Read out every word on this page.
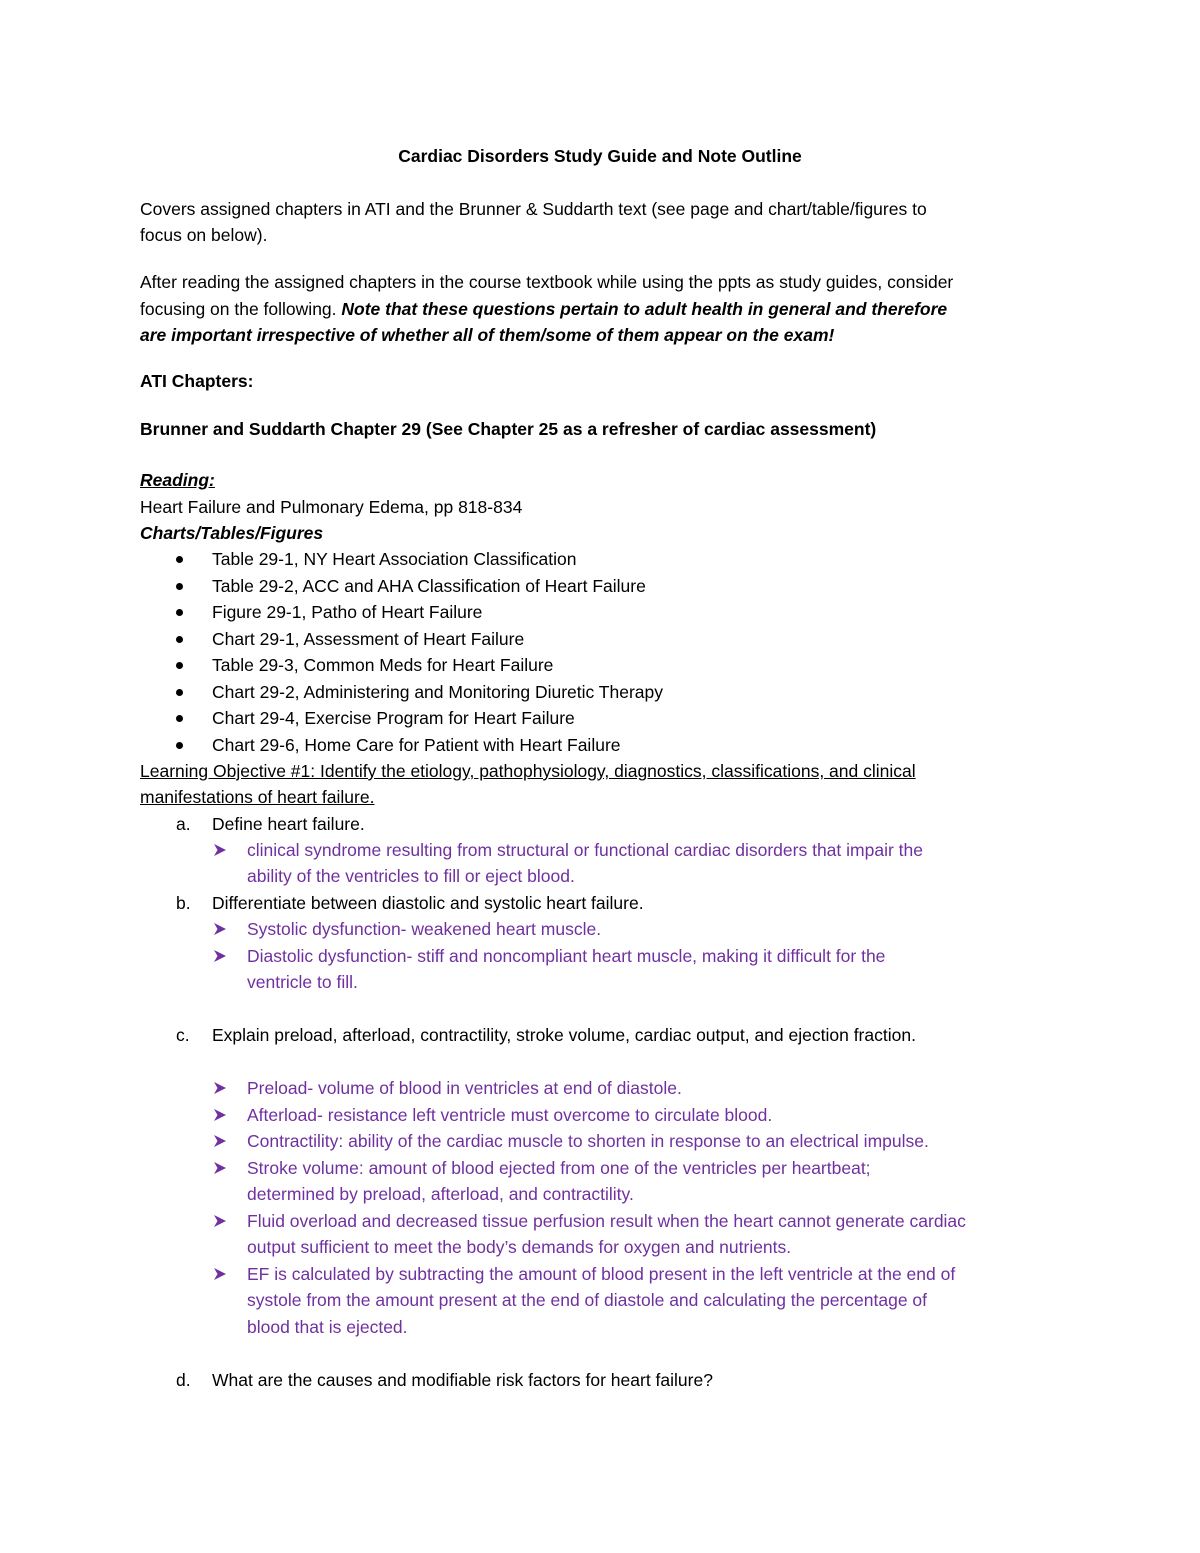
Cardiac Disorders Study Guide and Note Outline
Covers assigned chapters in ATI and the Brunner & Suddarth text (see page and chart/table/figures to
focus on below).
After reading the assigned chapters in the course textbook while using the ppts as study guides, consider
focusing on the following. Note that these questions pertain to adult health in general and therefore
are important irrespective of whether all of them/some of them appear on the exam!
ATI Chapters:
Brunner and Suddarth Chapter 29 (See Chapter 25 as a refresher of cardiac assessment)
Reading:
Heart Failure and Pulmonary Edema, pp 818-834
Charts/Tables/Figures
Table 29-1, NY Heart Association Classification
Table 29-2, ACC and AHA Classification of Heart Failure
Figure 29-1, Patho of Heart Failure
Chart 29-1, Assessment of Heart Failure
Table 29-3, Common Meds for Heart Failure
Chart 29-2, Administering and Monitoring Diuretic Therapy
Chart 29-4, Exercise Program for Heart Failure
Chart 29-6, Home Care for Patient with Heart Failure
Learning Objective #1: Identify the etiology, pathophysiology, diagnostics, classifications, and clinical
manifestations of heart failure.
a. Define heart failure.
clinical syndrome resulting from structural or functional cardiac disorders that impair the
ability of the ventricles to fill or eject blood.
b. Differentiate between diastolic and systolic heart failure.
Systolic dysfunction- weakened heart muscle.
Diastolic dysfunction- stiff and noncompliant heart muscle, making it difficult for the
ventricle to fill.
c. Explain preload, afterload, contractility, stroke volume, cardiac output, and ejection fraction.
Preload- volume of blood in ventricles at end of diastole.
Afterload- resistance left ventricle must overcome to circulate blood.
Contractility: ability of the cardiac muscle to shorten in response to an electrical impulse.
Stroke volume: amount of blood ejected from one of the ventricles per heartbeat;
determined by preload, afterload, and contractility.
Fluid overload and decreased tissue perfusion result when the heart cannot generate cardiac
output sufficient to meet the body’s demands for oxygen and nutrients.
EF is calculated by subtracting the amount of blood present in the left ventricle at the end of
systole from the amount present at the end of diastole and calculating the percentage of
blood that is ejected.
d. What are the causes and modifiable risk factors for heart failure?
